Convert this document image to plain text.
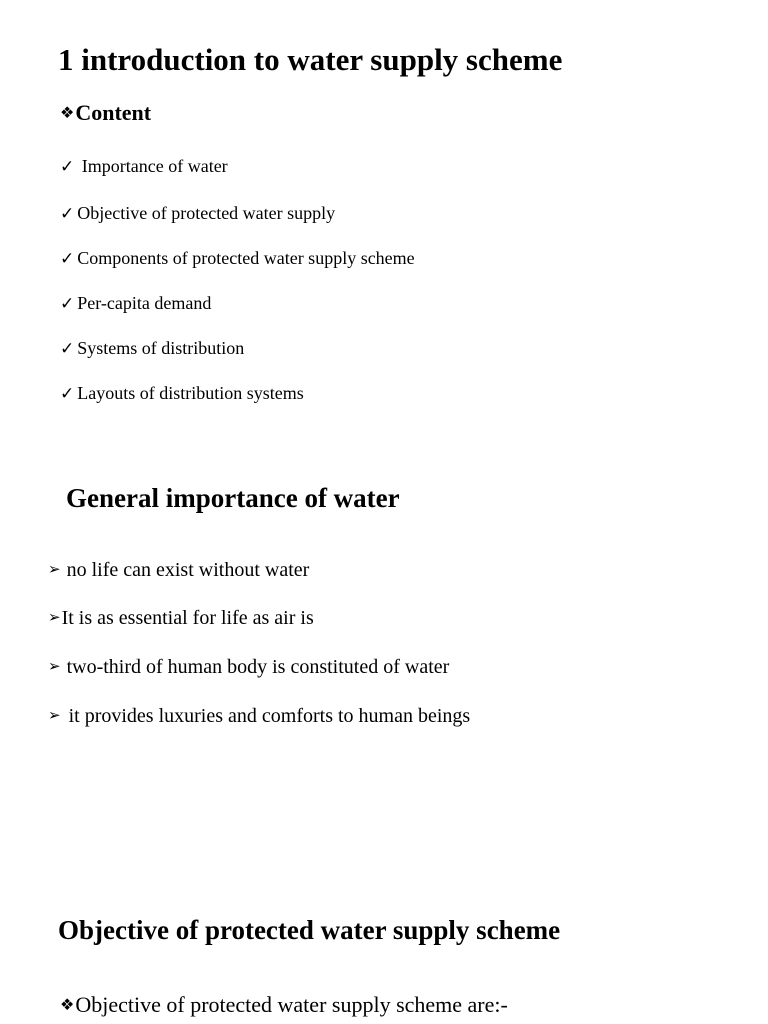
1 introduction to water supply scheme
❖Content
✓ Importance of water
✓ Objective of protected water supply
✓ Components of protected water supply scheme
✓ Per-capita demand
✓ Systems of distribution
✓ Layouts of distribution systems
General importance of water
➢ no life can exist without water
➢It is as essential for life as air is
➢ two-third of human body is constituted of water
➢ it provides luxuries and comforts to human beings
Objective of protected water supply scheme
❖Objective of protected water supply scheme are:-
